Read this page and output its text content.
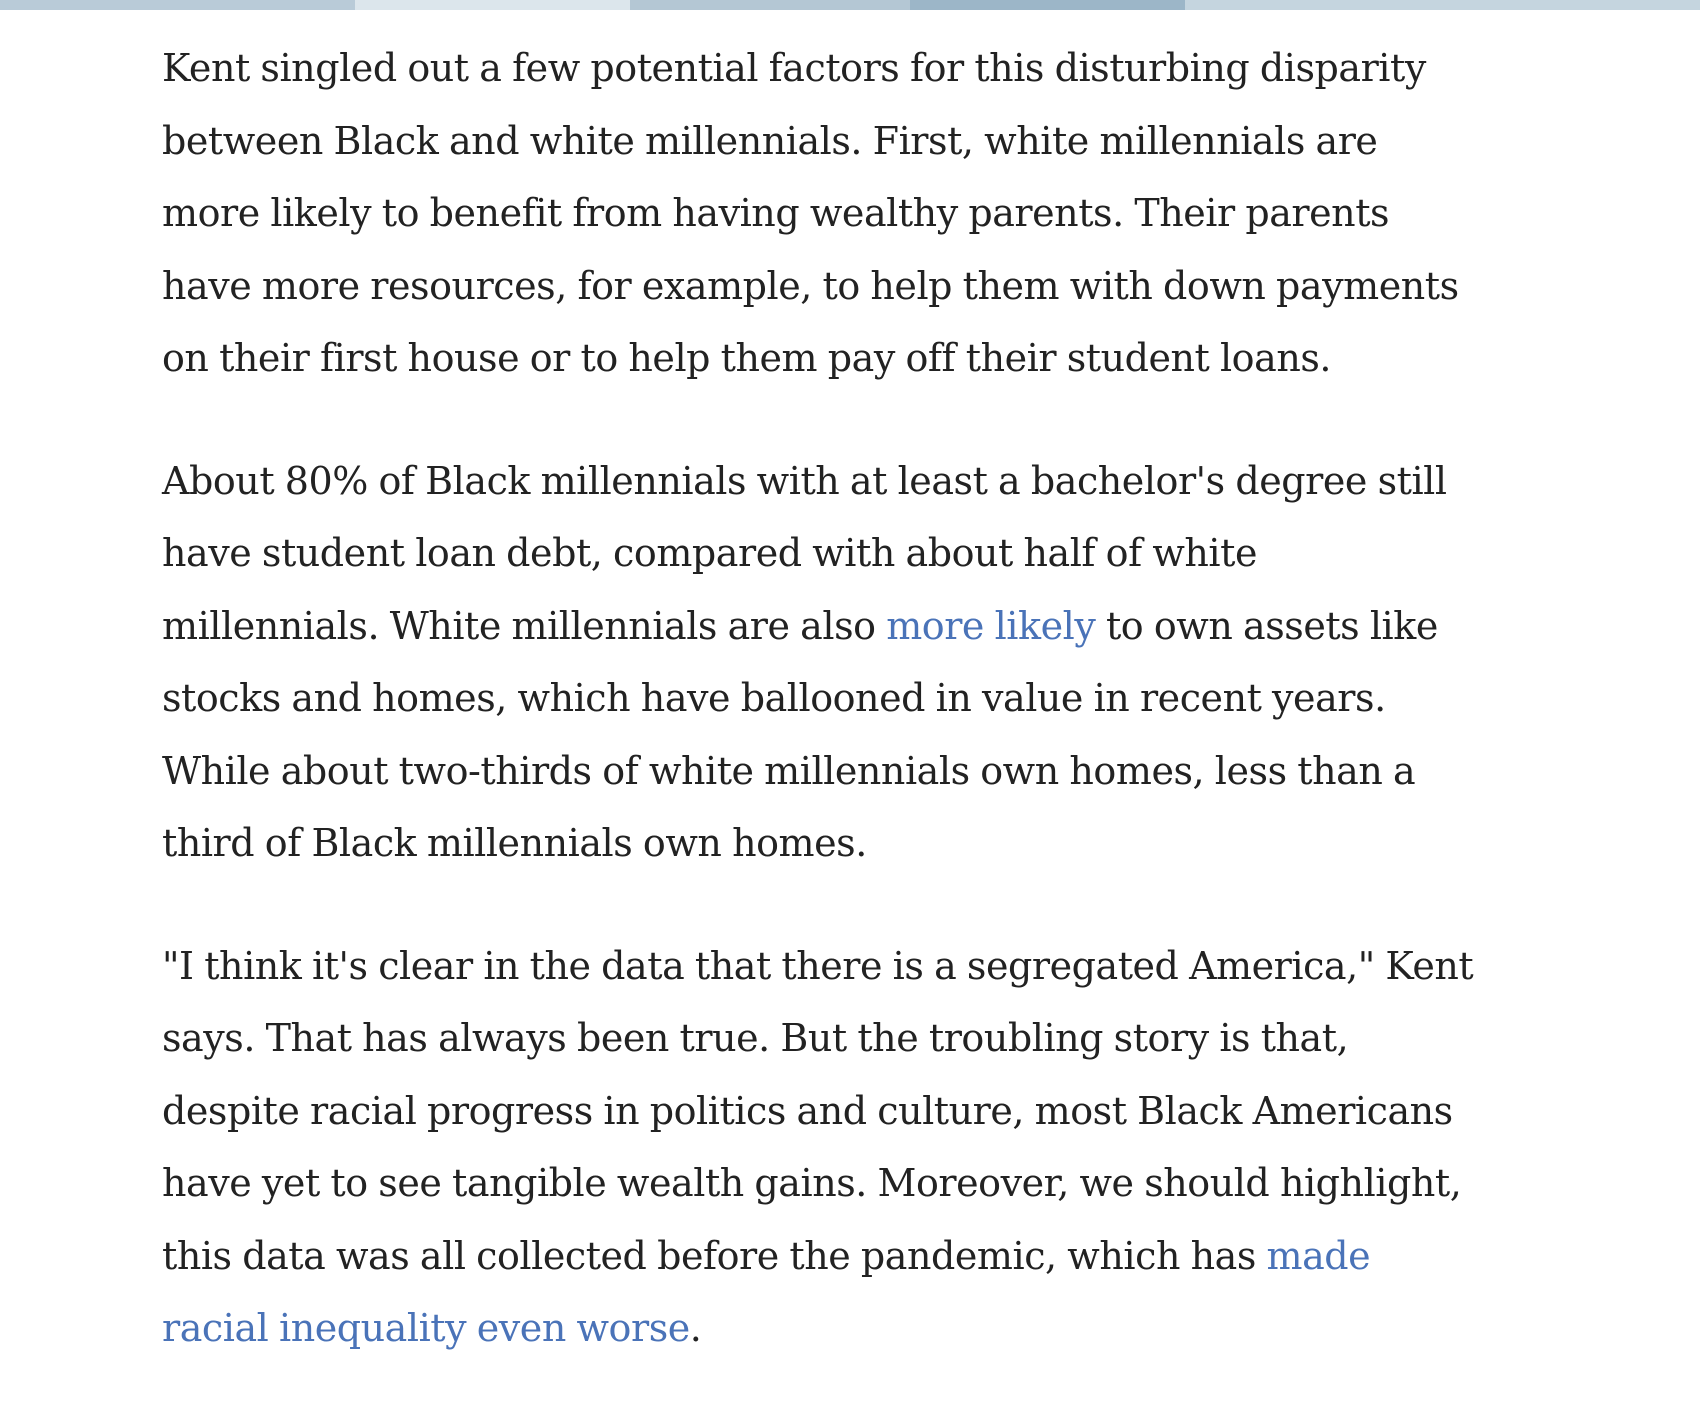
Kent singled out a few potential factors for this disturbing disparity
between Black and white millennials. First, white millennials are
more likely to benefit from having wealthy parents. Their parents
have more resources, for example, to help them with down payments
on their first house or to help them pay off their student loans.

About 80% of Black millennials with at least a bachelor's degree still
have student loan debt, compared with about half of white
millennials. White millennials are also more likely to own assets like
stocks and homes, which have ballooned in value in recent years.
While about two-thirds of white millennials own homes, less than a
third of Black millennials own homes.

"I think it's clear in the data that there is a segregated America," Kent
says. That has always been true. But the troubling story is that,
despite racial progress in politics and culture, most Black Americans
have yet to see tangible wealth gains. Moreover, we should highlight,
this data was all collected before the pandemic, which has made
racial inequality even worse.
